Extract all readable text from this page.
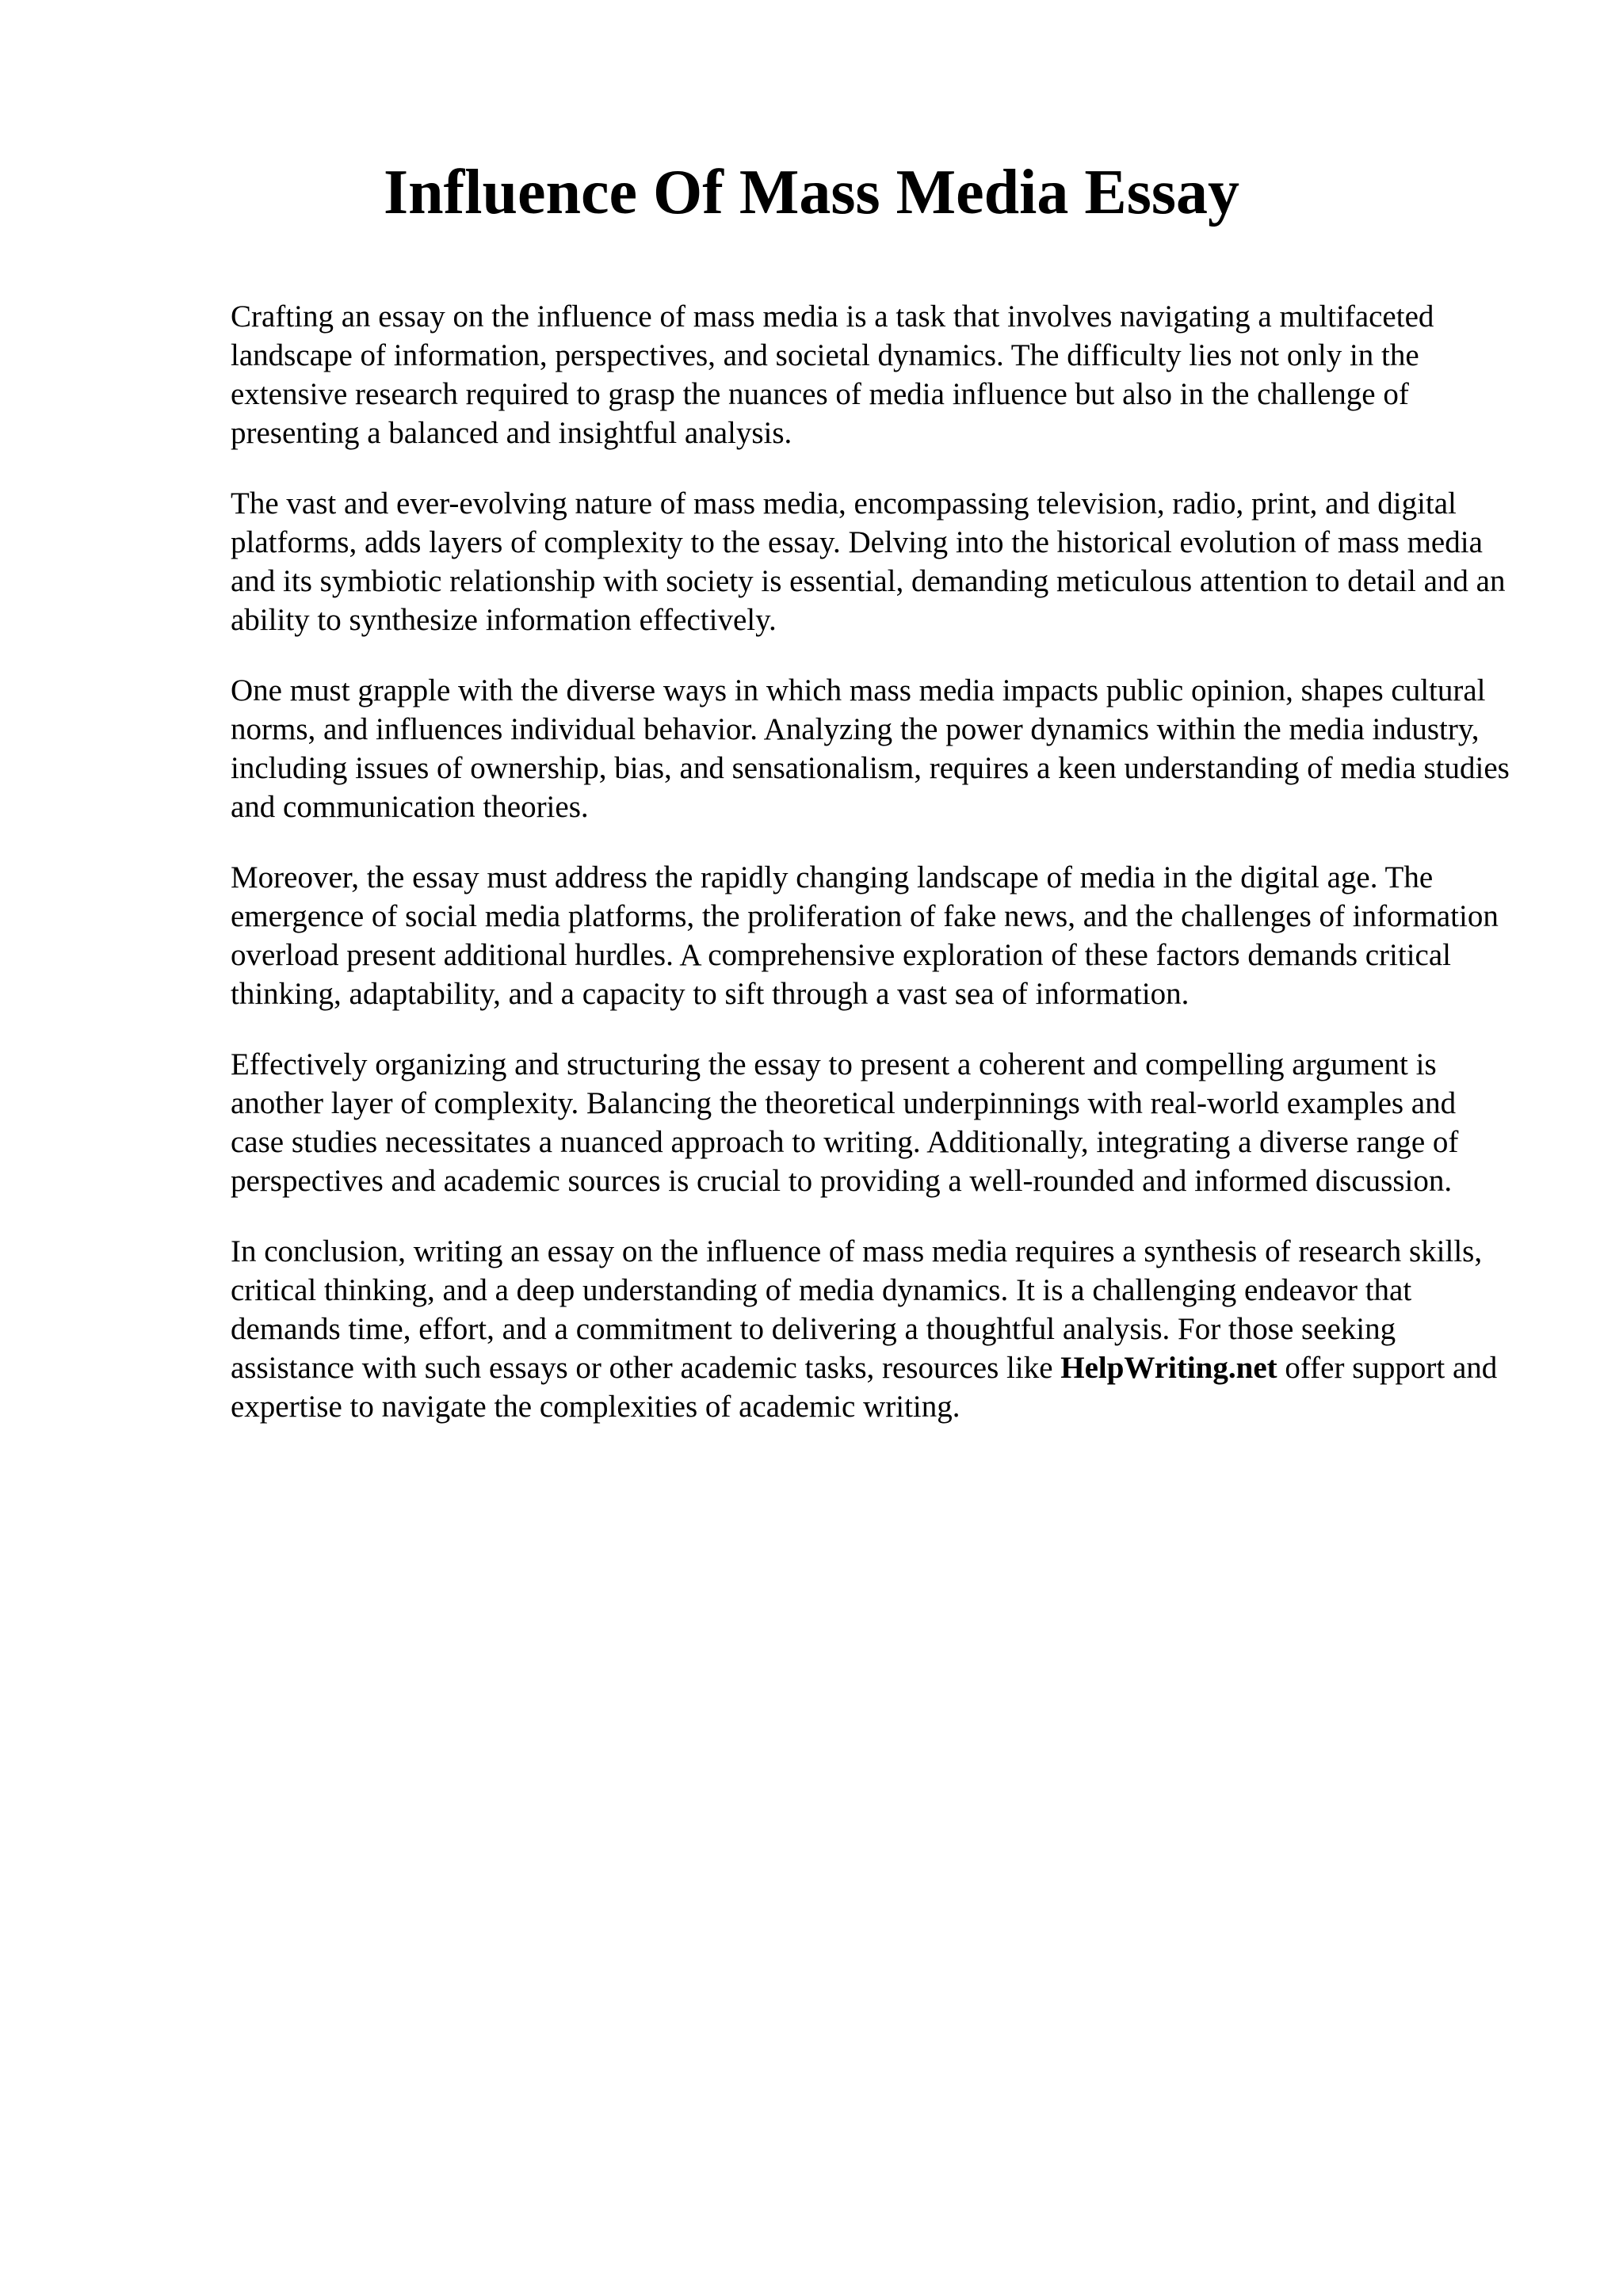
Influence Of Mass Media Essay

Crafting an essay on the influence of mass media is a task that involves navigating a multifaceted landscape of information, perspectives, and societal dynamics. The difficulty lies not only in the extensive research required to grasp the nuances of media influence but also in the challenge of presenting a balanced and insightful analysis.

The vast and ever-evolving nature of mass media, encompassing television, radio, print, and digital platforms, adds layers of complexity to the essay. Delving into the historical evolution of mass media and its symbiotic relationship with society is essential, demanding meticulous attention to detail and an ability to synthesize information effectively.

One must grapple with the diverse ways in which mass media impacts public opinion, shapes cultural norms, and influences individual behavior. Analyzing the power dynamics within the media industry, including issues of ownership, bias, and sensationalism, requires a keen understanding of media studies and communication theories.

Moreover, the essay must address the rapidly changing landscape of media in the digital age. The emergence of social media platforms, the proliferation of fake news, and the challenges of information overload present additional hurdles. A comprehensive exploration of these factors demands critical thinking, adaptability, and a capacity to sift through a vast sea of information.

Effectively organizing and structuring the essay to present a coherent and compelling argument is another layer of complexity. Balancing the theoretical underpinnings with real-world examples and case studies necessitates a nuanced approach to writing. Additionally, integrating a diverse range of perspectives and academic sources is crucial to providing a well-rounded and informed discussion.

In conclusion, writing an essay on the influence of mass media requires a synthesis of research skills, critical thinking, and a deep understanding of media dynamics. It is a challenging endeavor that demands time, effort, and a commitment to delivering a thoughtful analysis. For those seeking assistance with such essays or other academic tasks, resources like HelpWriting.net offer support and expertise to navigate the complexities of academic writing.
